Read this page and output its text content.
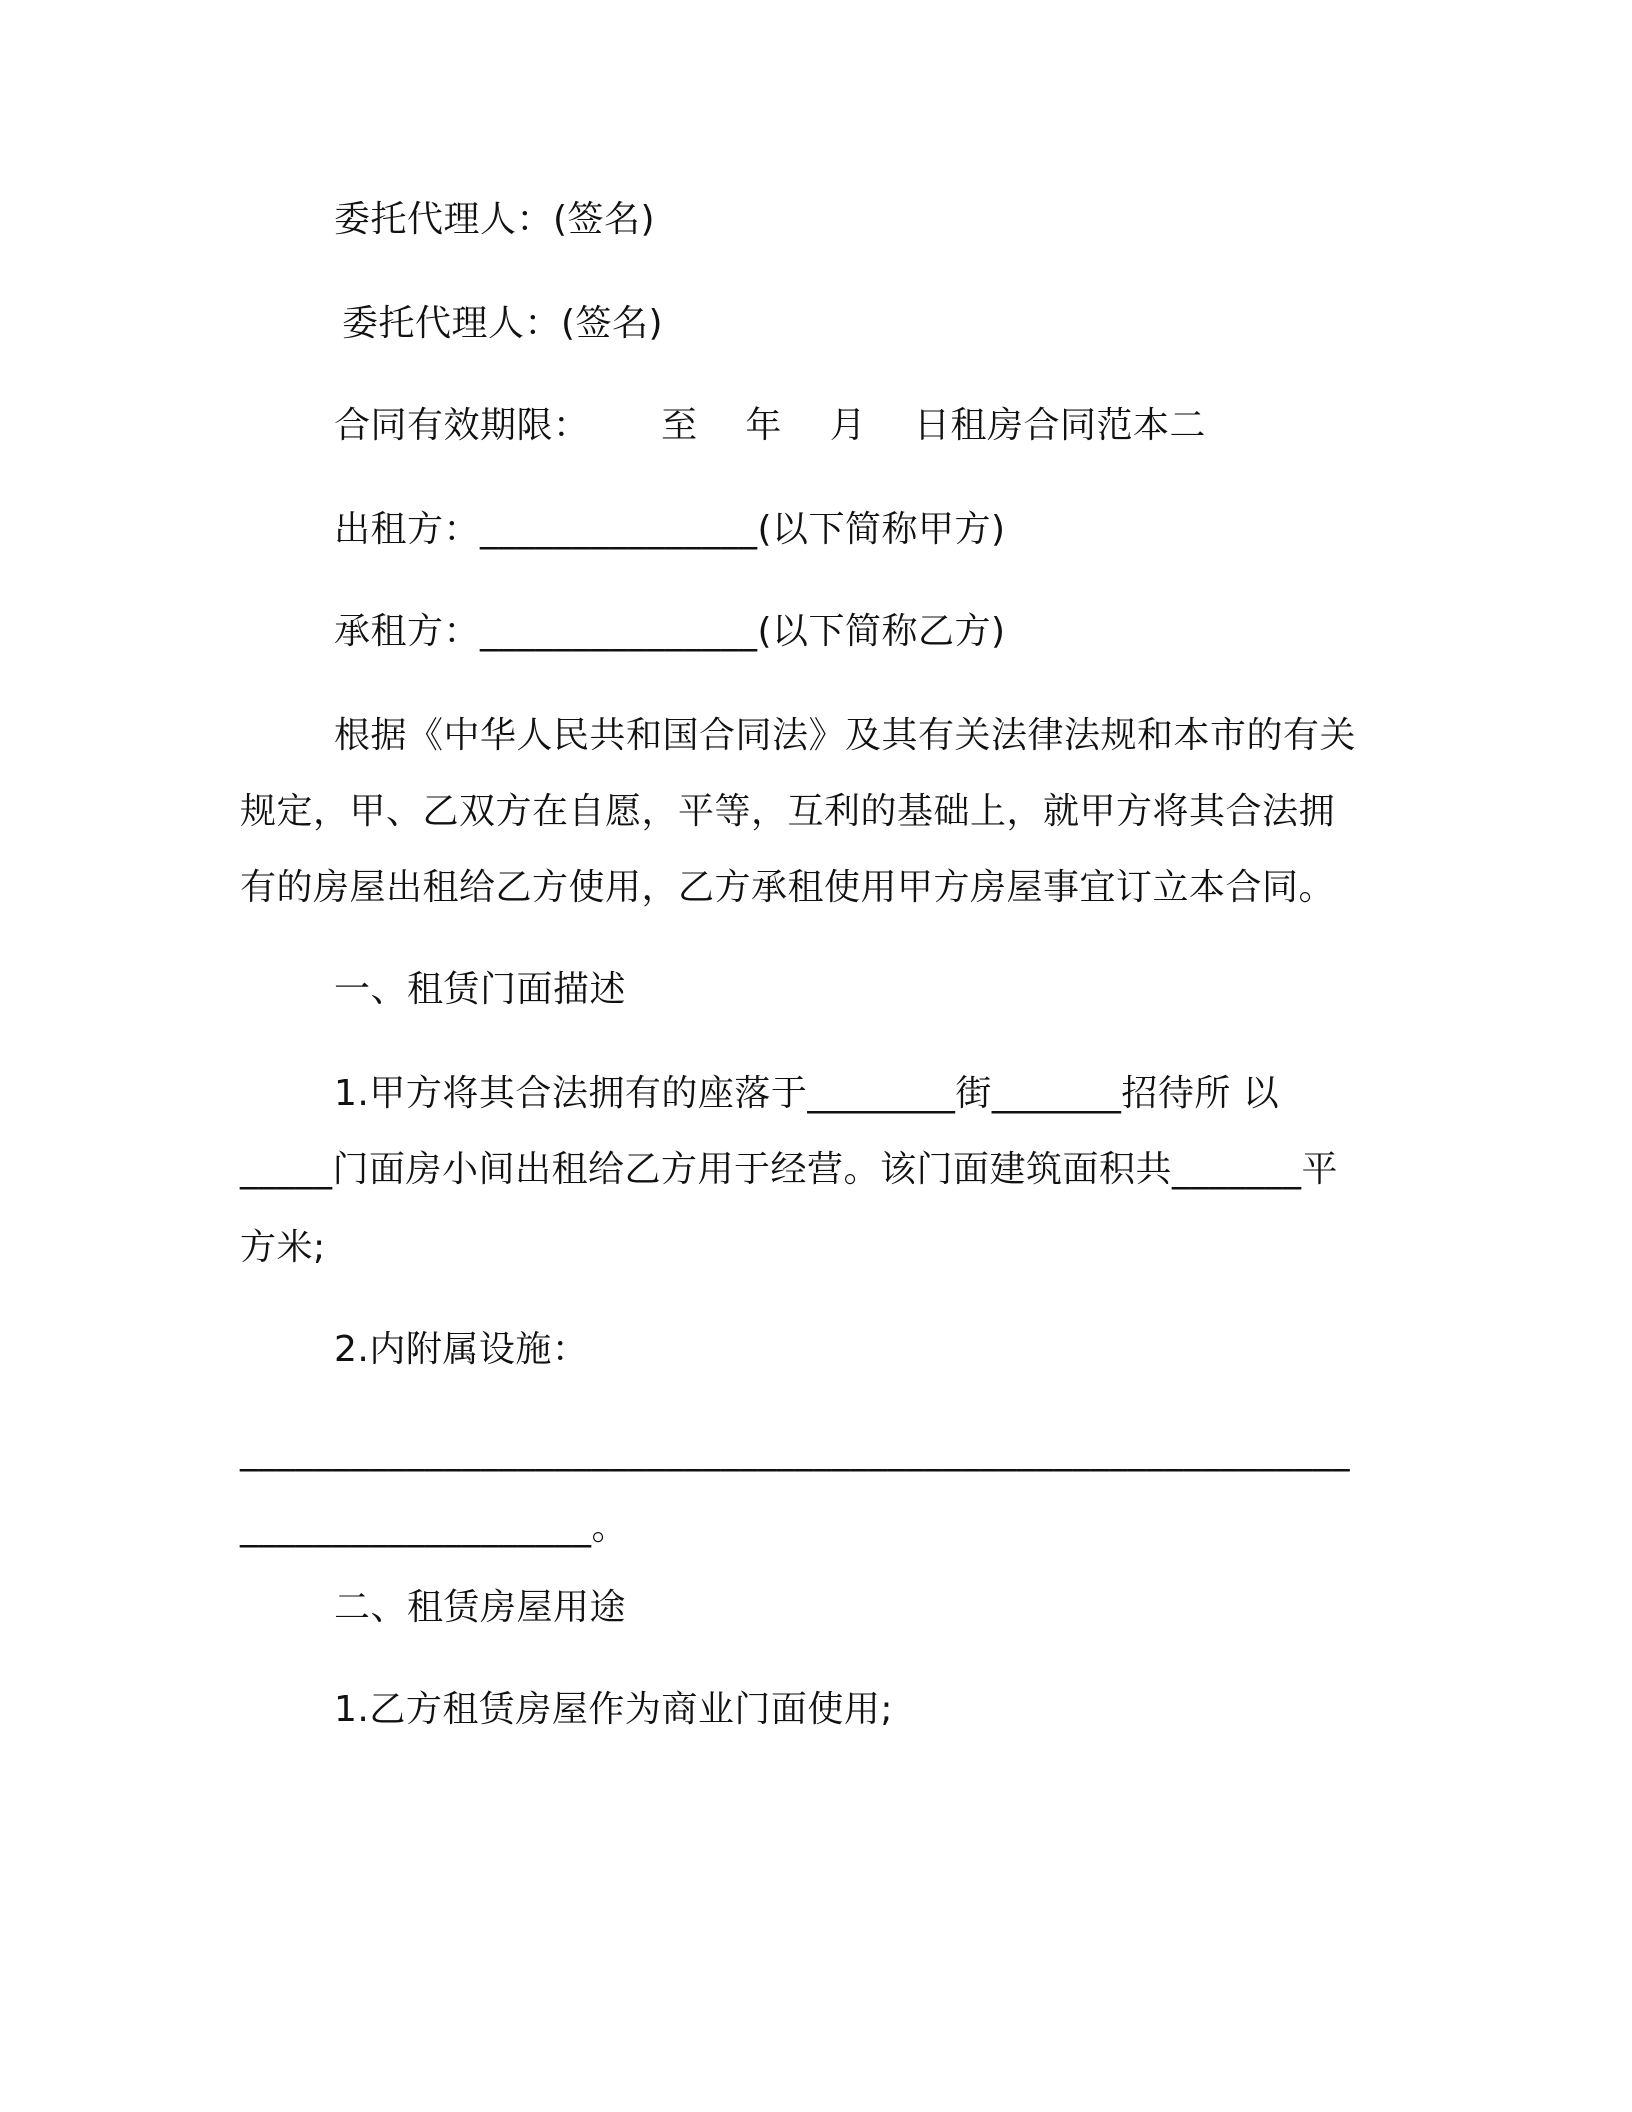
委托代理人：(签名)
委托代理人：(签名)
合同有效期限：      至    年    月    日租房合同范本二
出租方：_______________(以下简称甲方)
承租方：_______________(以下简称乙方)
根据《中华人民共和国合同法》及其有关法律法规和本市的有关
规定，甲、乙双方在自愿，平等，互利的基础上，就甲方将其合法拥
有的房屋出租给乙方使用，乙方承租使用甲方房屋事宜订立本合同。
一、租赁门面描述
1.甲方将其合法拥有的座落于________街_______招待所 以
_____门面房小间出租给乙方用于经营。该门面建筑面积共_______平
方米;
2.内附属设施：
____________________________________________________________
___________________。
二、租赁房屋用途
1.乙方租赁房屋作为商业门面使用;
